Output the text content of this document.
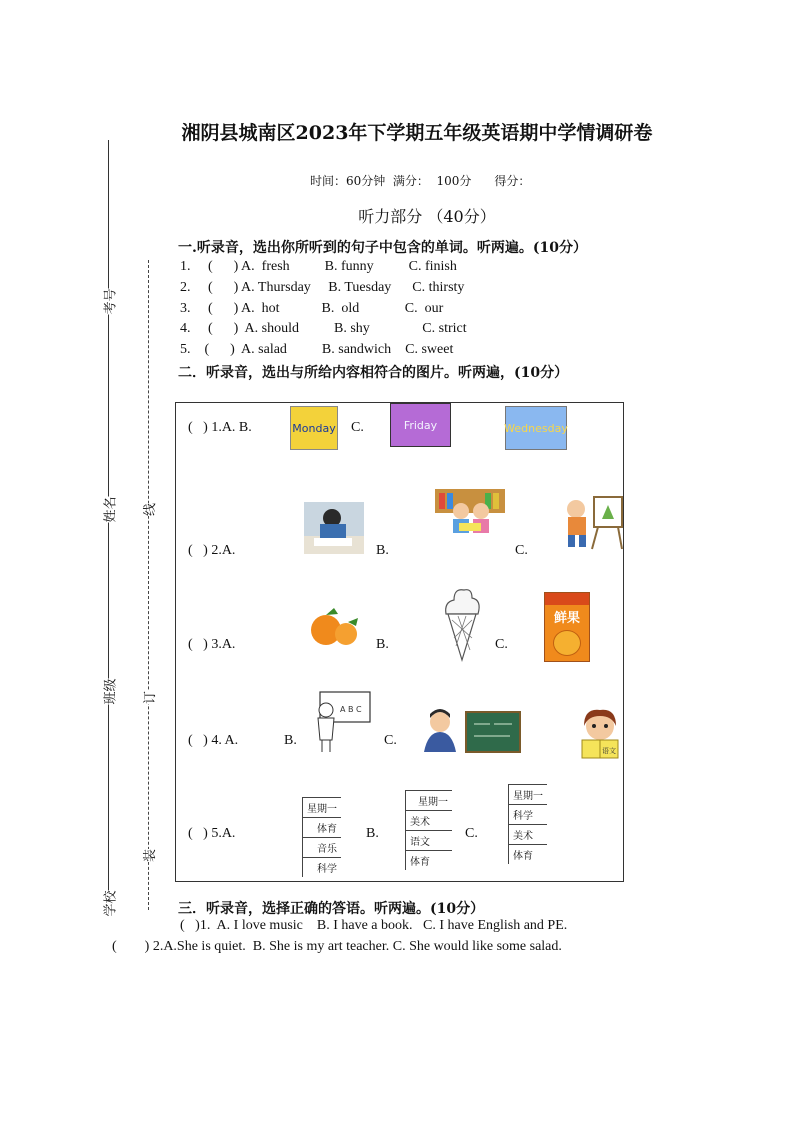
考号
姓名
班级
学校
线
订
装
湘阴县城南区2023年下学期五年级英语期中学情调研卷
时间：60分钟  满分：  100分      得分：
听力部分 （40分）
一.听录音，选出你所听到的句子中包含的单词。听两遍。(10分）
1.     (      ) A.  fresh          B. funny          C. finish
2.     (      ) A. Thursday     B. Tuesday      C. thirsty
3.     (      ) A.  hot            B.  old             C.  our
4.     (      )  A. should          B. shy               C. strict
5.    (      )  A. salad          B. sandwich    C. sweet
二．听录音，选出与所给内容相符合的图片。听两遍，(10分）
(   ) 1.A. B.	Monday C.	Friday	Wednesday
(   ) 2.A.	B.	C.
(   ) 3.A.	B.	C.
鲜果
(   ) 4. A.	B.
A B C
C.
语文
(   ) 5.A.
星期一
体育
音乐
科学
B.
星期一
美术
语文
体育
C.
星期一
科学
美术
体育
三．听录音，选择正确的答语。听两遍。(10分）
(   )1.  A. I love music    B. I have a book.   C. I have English and PE.
(        ) 2.A.She is quiet.  B. She is my art teacher. C. She would like some salad.
